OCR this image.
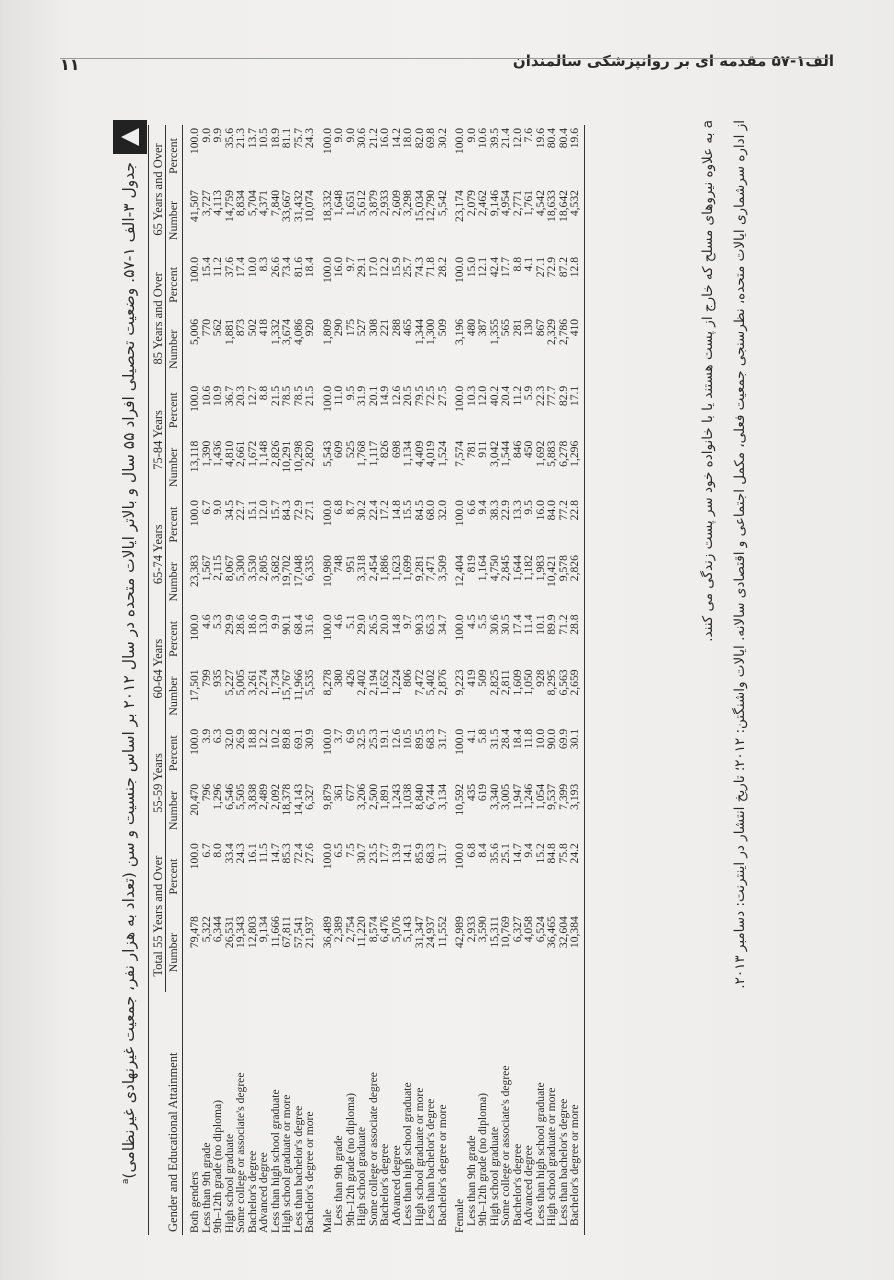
۱۱	الف۱-۵۷ مقدمه ای بر روانپزشکی سالمندان
جدول ۳-الف ۱-۵۷. وضعیت تحصیلی افراد ۵۵ سال و بالاتر ایالات متحده در سال ۲۰۱۲ بر اساس جنسیت و سن (تعداد به هزار نفر، جمعیت غیرنهادی غیرنظامی)$^a$	Gender and Educational Attainment	Total 55 Years and Over		55-59 Years		60-64 Years		65-74 Years		75-84 Years		85 Years and Over		65 Years and Over	
	Number	Percent	Number	Percent	Number	Percent	Number	Percent	Number	Percent	Number	Percent	Number	Percent
Both genders	79,478	100.0	20,470	100.0	17,501	100.0	23,383	100.0	13,118	100.0	5,006	100.0	41,507	100.0
Less than 9th grade	5,322	6.7	796	3.9	799	4.6	1,567	6.7	1,390	10.6	770	15.4	3,727	9.0
9th–12th grade (no diploma)	6,344	8.0	1,296	6.3	935	5.3	2,115	9.0	1,436	10.9	562	11.2	4,113	9.9
High school graduate	26,531	33.4	6,546	32.0	5,227	29.9	8,067	34.5	4,810	36.7	1,881	37.6	14,759	35.6
Some college or associate's degree	19,343	24.3	5,505	26.9	5,005	28.6	5,300	22.7	2,661	20.3	873	17.4	8,834	21.3
Bachelor's degree	12,803	16.1	3,838	18.8	3,261	18.6	3,530	15.1	1,672	12.7	502	10.0	5,704	13.7
Advanced degree	9,134	11.5	2,489	12.2	2,274	13.0	2,805	12.0	1,148	8.8	418	8.3	4,371	10.5
Less than high school graduate	11,666	14.7	2,092	10.2	1,734	9.9	3,682	15.7	2,826	21.5	1,332	26.6	7,840	18.9
High school graduate or more	67,811	85.3	18,378	89.8	15,767	90.1	19,702	84.3	10,291	78.5	3,674	73.4	33,667	81.1
Less than bachelor's degree	57,541	72.4	14,143	69.1	11,966	68.4	17,048	72.9	10,298	78.5	4,086	81.6	31,432	75.7
Bachelor's degree or more	21,937	27.6	6,327	30.9	5,535	31.6	6,335	27.1	2,820	21.5	920	18.4	10,074	24.3
Male	36,489	100.0	9,879	100.0	8,278	100.0	10,980	100.0	5,543	100.0	1,809	100.0	18,332	100.0
Less than 9th grade	2,389	6.5	361	3.7	380	4.6	748	6.8	609	11.0	290	16.0	1,648	9.0
9th–12th grade (no diploma)	2,754	7.5	677	6.9	426	5.1	951	8.7	525	9.5	175	9.7	1,651	9.0
High school graduate	11,220	30.7	3,206	32.5	2,402	29.0	3,318	30.2	1,768	31.9	527	29.1	5,612	30.6
Some college or associate degree	8,574	23.5	2,500	25.3	2,194	26.5	2,454	22.4	1,117	20.1	308	17.0	3,879	21.2
Bachelor's degree	6,476	17.7	1,891	19.1	1,652	20.0	1,886	17.2	826	14.9	221	12.2	2,933	16.0
Advanced degree	5,076	13.9	1,243	12.6	1,224	14.8	1,623	14.8	698	12.6	288	15.9	2,609	14.2
Less than high school graduate	5,143	14.1	1,038	10.5	806	9.7	1,699	15.5	1,134	20.5	465	25.7	3,298	18.0
High school graduate or more	31,347	85.9	8,840	89.5	7,472	90.3	9,281	84.5	4,409	79.5	1,344	74.3	15,034	82.0
Less than bachelor's degree	24,937	68.3	6,744	68.3	5,402	65.3	7,471	68.0	4,019	72.5	1,300	71.8	12,790	69.8
Bachelor's degree or more	11,552	31.7	3,134	31.7	2,876	34.7	3,509	32.0	1,524	27.5	509	28.2	5,542	30.2
Female	42,989	100.0	10,592	100.0	9,223	100.0	12,404	100.0	7,574	100.0	3,196	100.0	23,174	100.0
Less than 9th grade	2,933	6.8	435	4.1	419	4.5	819	6.6	781	10.3	480	15.0	2,079	9.0
9th–12th grade (no diploma)	3,590	8.4	619	5.8	509	5.5	1,164	9.4	911	12.0	387	12.1	2,462	10.6
High school graduate	15,311	35.6	3,340	31.5	2,825	30.6	4,750	38.3	3,042	40.2	1,355	42.4	9,146	39.5
Some college or associate's degree	10,769	25.1	3,005	28.4	2,811	30.5	2,845	22.9	1,544	20.4	565	17.7	4,954	21.4
Bachelor's degree	6,327	14.7	1,947	18.4	1,609	17.4	1,644	13.3	846	11.2	281	8.8	2,771	12.0
Advanced degree	4,058	9.4	1,246	11.8	1,050	11.4	1,182	9.5	450	5.9	130	4.1	1,761	7.6
Less than high school graduate	6,524	15.2	1,054	10.0	928	10.1	1,983	16.0	1,692	22.3	867	27.1	4,542	19.6
High school graduate or more	36,465	84.8	9,537	90.0	8,295	89.9	10,421	84.0	5,883	77.7	2,329	72.9	18,633	80.4
Less than bachelor's degree	32,604	75.8	7,399	69.9	6,563	71.2	9,578	77.2	6,278	82.9	2,786	87.2	18,642	80.4
Bachelor's degree or more	10,384	24.2	3,193	30.1	2,659	28.8	2,826	22.8	1,296	17.1	410	12.8	4,532	19.6	a به علاوه نیروهای مسلح که خارج از پست هستند یا با خانواده خود سر پست زندگی می کنند.
از اداره سرشماری ایالات متحده، نظرسنجی جمعیت فعلی، مکمل اجتماعی و اقتصادی سالانه. ایالات واشنگتن: ۲۰۱۲؛ تاریخ انتشار در اینترنت: دسامبر ۲۰۱۳.
